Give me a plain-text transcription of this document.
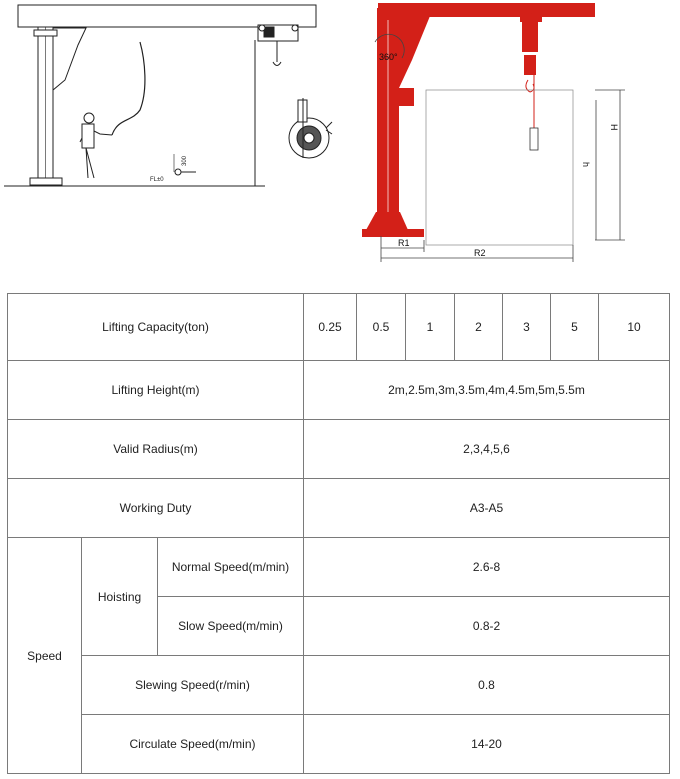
FL±0
300
360°
H
h
R1
R2
Lifting Capacity(ton)			0.25	0.5	1	2	3	5	10
Lifting Height(m)			2m,2.5m,3m,3.5m,4m,4.5m,5m,5.5m						
Valid Radius(m)			2,3,4,5,6						
Working Duty			A3-A5						
Speed	Hoisting	Normal Speed(m/min)	2.6-8						
		Slow Speed(m/min)	0.8-2						
	Slewing Speed(r/min)		0.8						
	Circulate Speed(m/min)		14-20						
